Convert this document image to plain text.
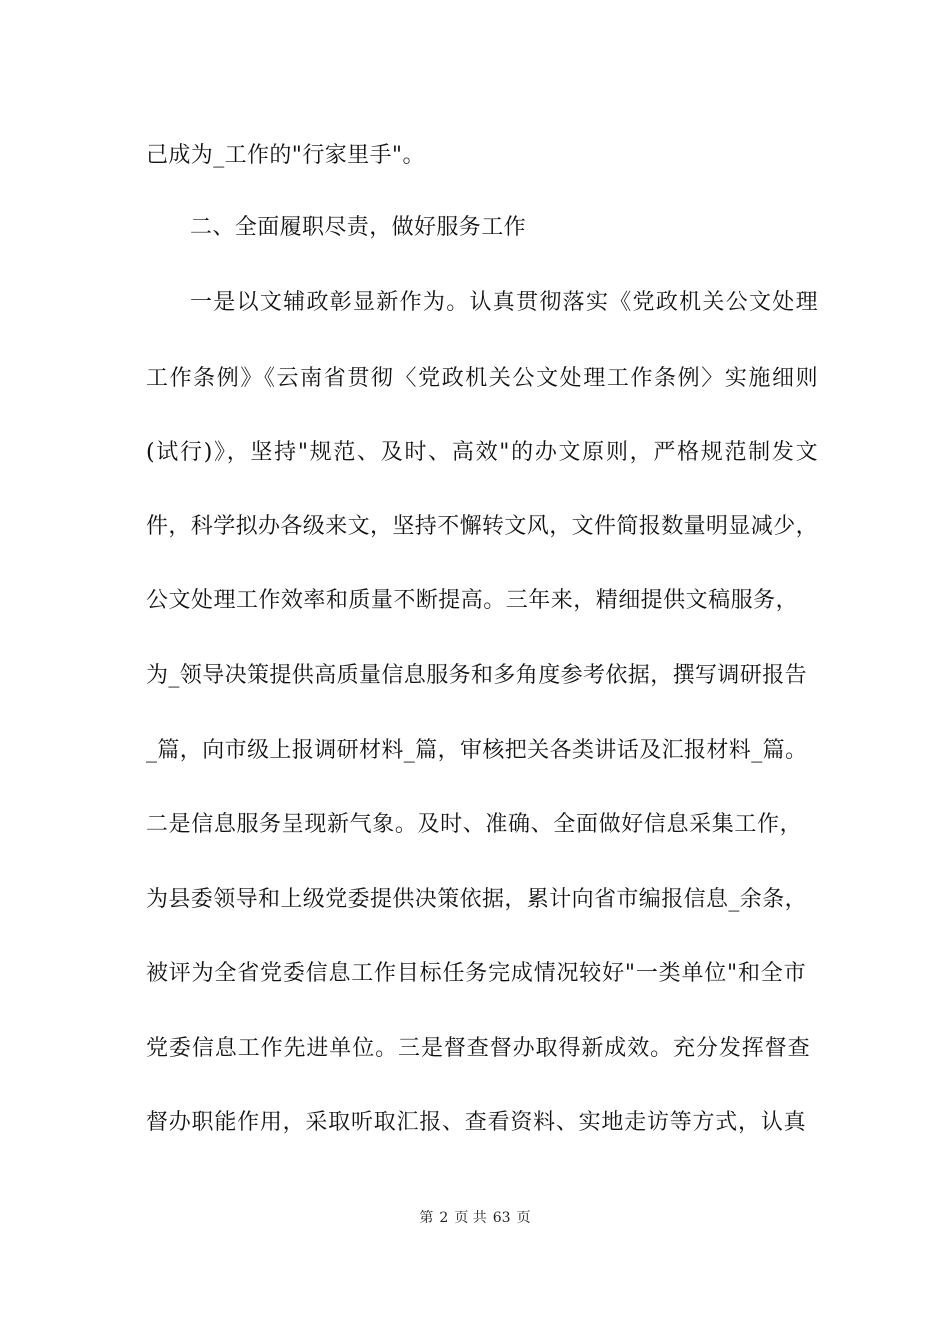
己成为_工作的"行家里手"。
二、全面履职尽责，做好服务工作
一是以文辅政彰显新作为。认真贯彻落实《党政机关公文处理
工作条例》《云南省贯彻〈党政机关公文处理工作条例〉实施细则
(试行)》，坚持"规范、及时、高效"的办文原则，严格规范制发文
件，科学拟办各级来文，坚持不懈转文风，文件简报数量明显减少，
公文处理工作效率和质量不断提高。三年来，精细提供文稿服务，
为_领导决策提供高质量信息服务和多角度参考依据，撰写调研报告
_篇，向市级上报调研材料_篇，审核把关各类讲话及汇报材料_篇。
二是信息服务呈现新气象。及时、准确、全面做好信息采集工作，
为县委领导和上级党委提供决策依据，累计向省市编报信息_余条，
被评为全省党委信息工作目标任务完成情况较好"一类单位"和全市
党委信息工作先进单位。三是督查督办取得新成效。充分发挥督查
督办职能作用，采取听取汇报、查看资料、实地走访等方式，认真
第 2 页 共 63 页
